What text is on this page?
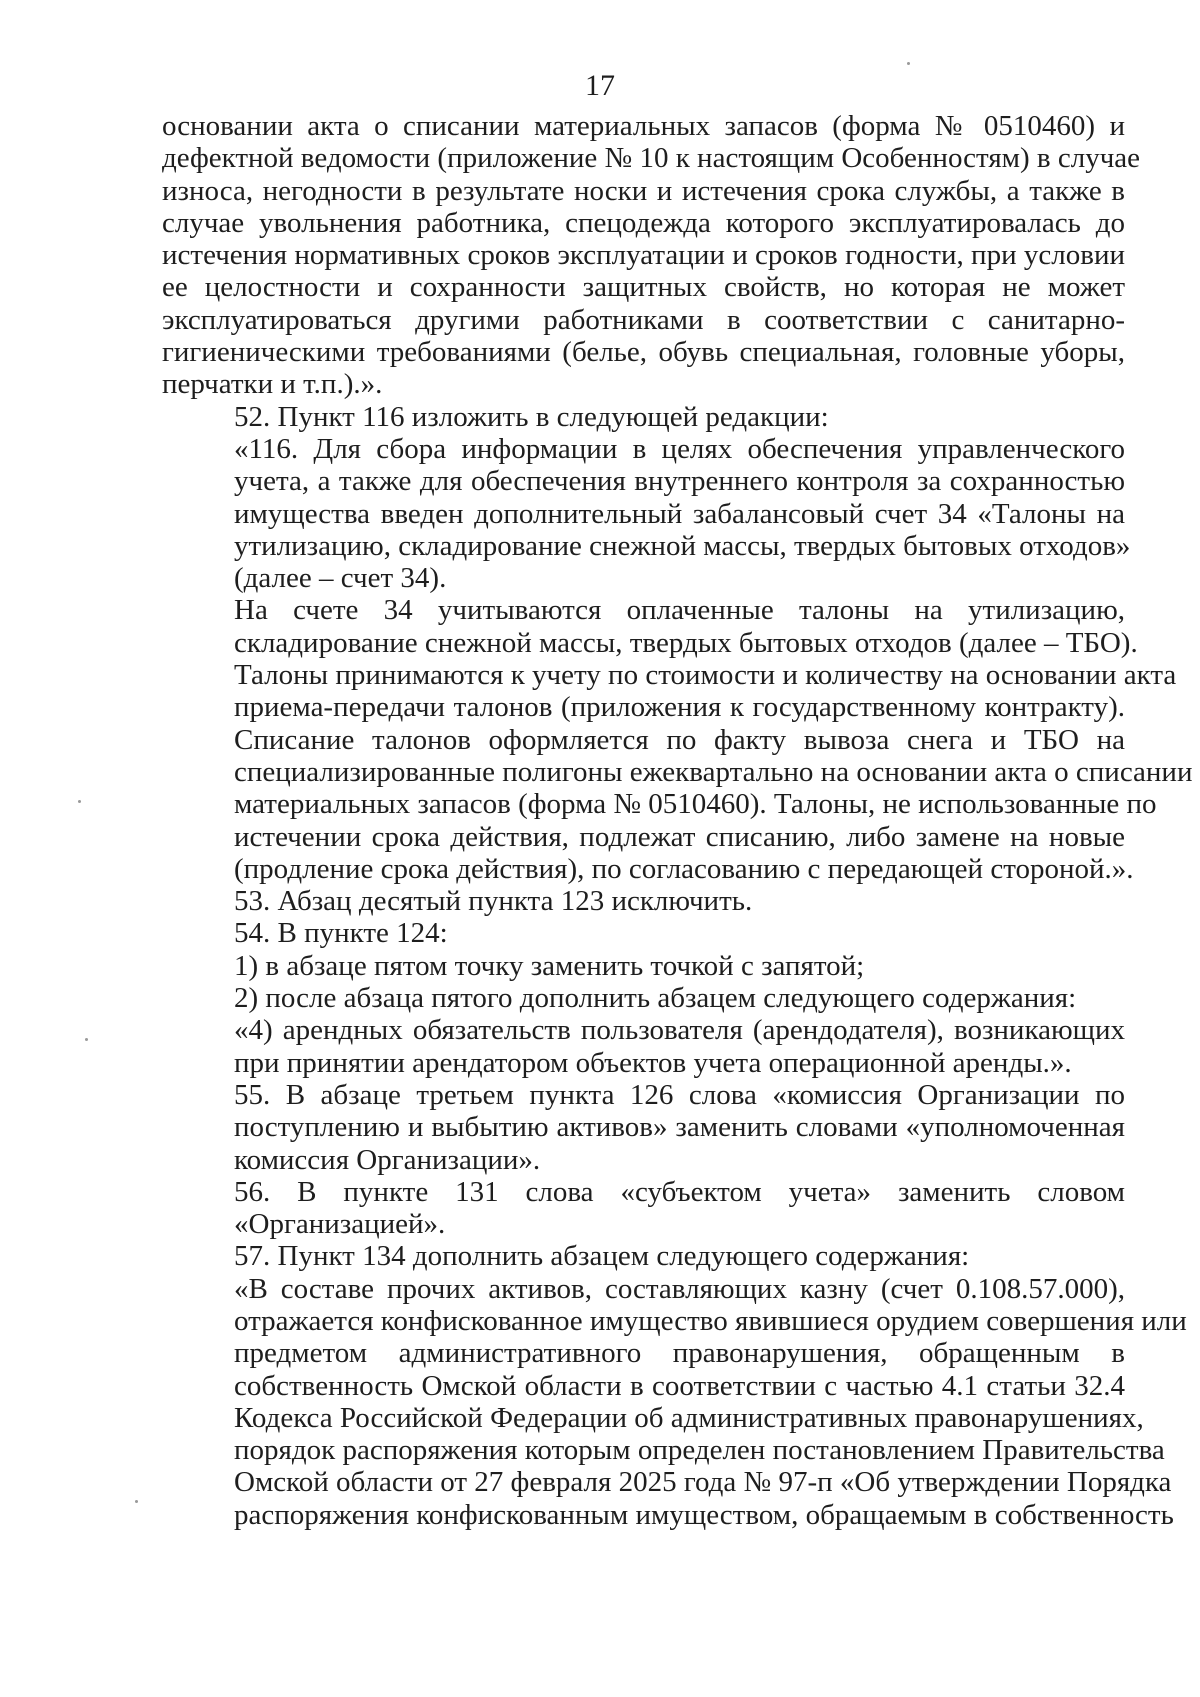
17
основании акта о списании материальных запасов (форма № 0510460) и
дефектной ведомости (приложение № 10 к настоящим Особенностям) в случае
износа, негодности в результате носки и истечения срока службы, а также в
случае увольнения работника, спецодежда которого эксплуатировалась до
истечения нормативных сроков эксплуатации и сроков годности, при условии
ее целостности и сохранности защитных свойств, но которая не может
эксплуатироваться другими работниками в соответствии с санитарно-
гигиеническими требованиями (белье, обувь специальная, головные уборы,
перчатки и т.п.).».
52. Пункт 116 изложить в следующей редакции:
«116. Для сбора информации в целях обеспечения управленческого
учета, а также для обеспечения внутреннего контроля за сохранностью
имущества введен дополнительный забалансовый счет 34 «Талоны на
утилизацию, складирование снежной массы, твердых бытовых отходов»
(далее – счет 34).
На счете 34 учитываются оплаченные талоны на утилизацию,
складирование снежной массы, твердых бытовых отходов (далее – ТБО).
Талоны принимаются к учету по стоимости и количеству на основании акта
приема-передачи талонов (приложения к государственному контракту).
Списание талонов оформляется по факту вывоза снега и ТБО на
специализированные полигоны ежеквартально на основании акта о списании
материальных запасов (форма № 0510460). Талоны, не использованные по
истечении срока действия, подлежат списанию, либо замене на новые
(продление срока действия), по согласованию с передающей стороной.».
53. Абзац десятый пункта 123 исключить.
54. В пункте 124:
1) в абзаце пятом точку заменить точкой с запятой;
2) после абзаца пятого дополнить абзацем следующего содержания:
«4) арендных обязательств пользователя (арендодателя), возникающих
при принятии арендатором объектов учета операционной аренды.».
55. В абзаце третьем пункта 126 слова «комиссия Организации по
поступлению и выбытию активов» заменить словами «уполномоченная
комиссия Организации».
56. В пункте 131 слова «субъектом учета» заменить словом
«Организацией».
57. Пункт 134 дополнить абзацем следующего содержания:
«В составе прочих активов, составляющих казну (счет 0.108.57.000),
отражается конфискованное имущество явившиеся орудием совершения или
предметом административного правонарушения, обращенным в
собственность Омской области в соответствии с частью 4.1 статьи 32.4
Кодекса Российской Федерации об административных правонарушениях,
порядок распоряжения которым определен постановлением Правительства
Омской области от 27 февраля 2025 года № 97-п «Об утверждении Порядка
распоряжения конфискованным имуществом, обращаемым в собственность
